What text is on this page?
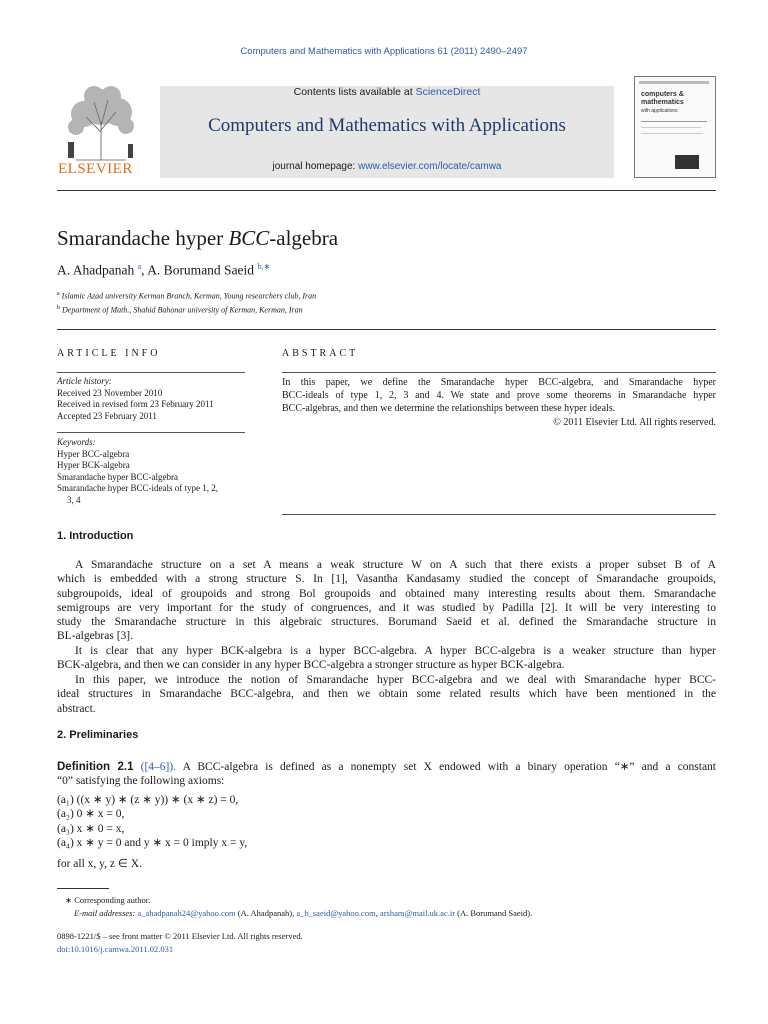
Computers and Mathematics with Applications 61 (2011) 2490–2497
ELSEVIER
Contents lists available at ScienceDirect
Computers and Mathematics with Applications
journal homepage: www.elsevier.com/locate/camwa
computers &
mathematics
with applications
Smarandache hyper BCC-algebra
A. Ahadpanah $^a$, A. Borumand Saeid $^{b,∗}$
$^a$ Islamic Azad university Kerman Branch, Kerman, Young researchers club, Iran
$^b$ Department of Math., Shahid Bahonar university of Kerman, Kerman, Iran
ARTICLE INFO
Article history:
Received 23 November 2010
Received in revised form 23 February 2011
Accepted 23 February 2011
Keywords:
Hyper BCC-algebra
Hyper BCK-algebra
Smarandache hyper BCC-algebra
Smarandache hyper BCC-ideals of type 1, 2,
3, 4
ABSTRACT
In this paper, we define the Smarandache hyper BCC-algebra, and Smarandache hyper
BCC-ideals of type 1, 2, 3 and 4. We state and prove some theorems in Smarandache hyper
BCC-algebras, and then we determine the relationships between these hyper ideals.
© 2011 Elsevier Ltd. All rights reserved.
1. Introduction
A Smarandache structure on a set A means a weak structure W on A such that there exists a proper subset B of A
which is embedded with a strong structure S. In [1], Vasantha Kandasamy studied the concept of Smarandache groupoids,
subgroupoids, ideal of groupoids and strong Bol groupoids and obtained many interesting results about them. Smarandache
semigroups are very important for the study of congruences, and it was studied by Padilla [2]. It will be very interesting to
study the Smarandache structure in this algebraic structures. Borumand Saeid et al. defined the Smarandache structure in
BL-algebras [3].
It is clear that any hyper BCK-algebra is a hyper BCC-algebra. A hyper BCC-algebra is a weaker structure than hyper
BCK-algebra, and then we can consider in any hyper BCC-algebra a stronger structure as hyper BCK-algebra.
In this paper, we introduce the notion of Smarandache hyper BCC-algebra and we deal with Smarandache hyper BCC-
ideal structures in Smarandache BCC-algebra, and then we obtain some related results which have been mentioned in the
abstract.
2. Preliminaries
Definition 2.1 ([4–6]). A BCC-algebra is defined as a nonempty set X endowed with a binary operation “∗” and a constant
“0” satisfying the following axioms:
(a₁) ((x ∗ y) ∗ (z ∗ y)) ∗ (x ∗ z) = 0,
(a₂) 0 ∗ x = 0,
(a₃) x ∗ 0 = x,
(a₄) x ∗ y = 0 and y ∗ x = 0 imply x = y,
for all x, y, z ∈ X.
∗ Corresponding author.
E-mail addresses: a_ahadpanah24@yahoo.com (A. Ahadpanah), a_b_saeid@yahoo.com, arsham@mail.uk.ac.ir (A. Borumand Saeid).
0898-1221/$ – see front matter © 2011 Elsevier Ltd. All rights reserved.
doi:10.1016/j.camwa.2011.02.031
